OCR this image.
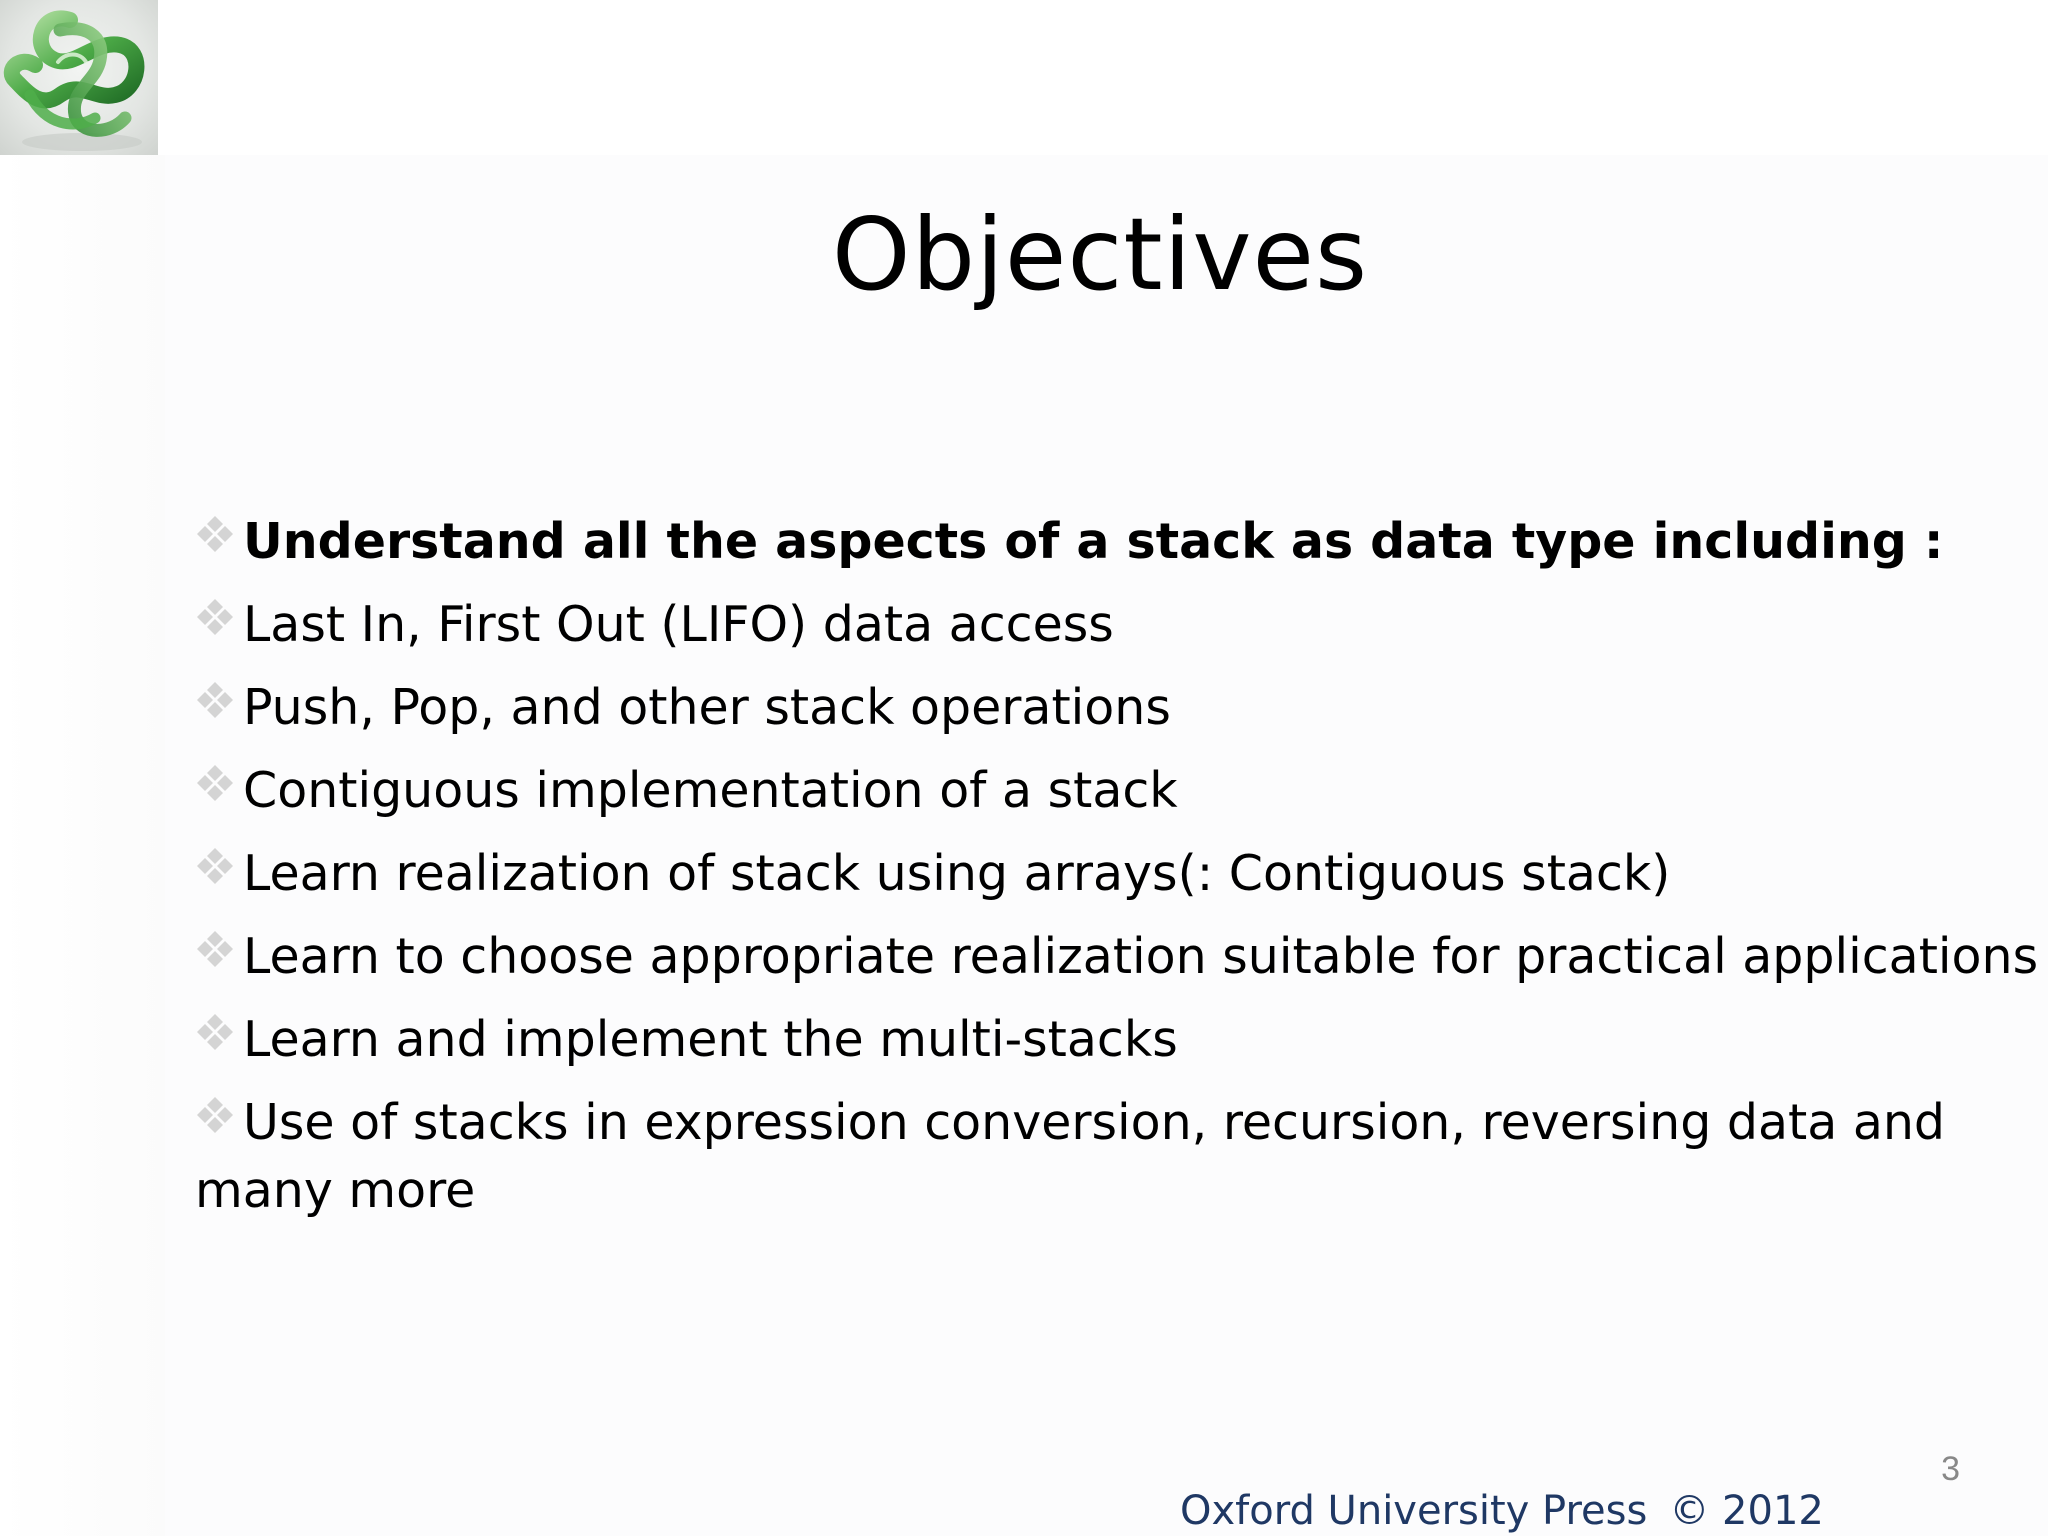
Objectives
Understand all the aspects of a stack as data type including :
Last In, First Out (LIFO) data access
Push, Pop, and other stack operations
Contiguous implementation of a stack
Learn realization of stack using arrays(: Contiguous stack)
Learn to choose appropriate realization suitable for practical applications
Learn and implement the multi-stacks
Use of stacks in expression conversion, recursion, reversing data and many more
3
Oxford University Press © 2012
